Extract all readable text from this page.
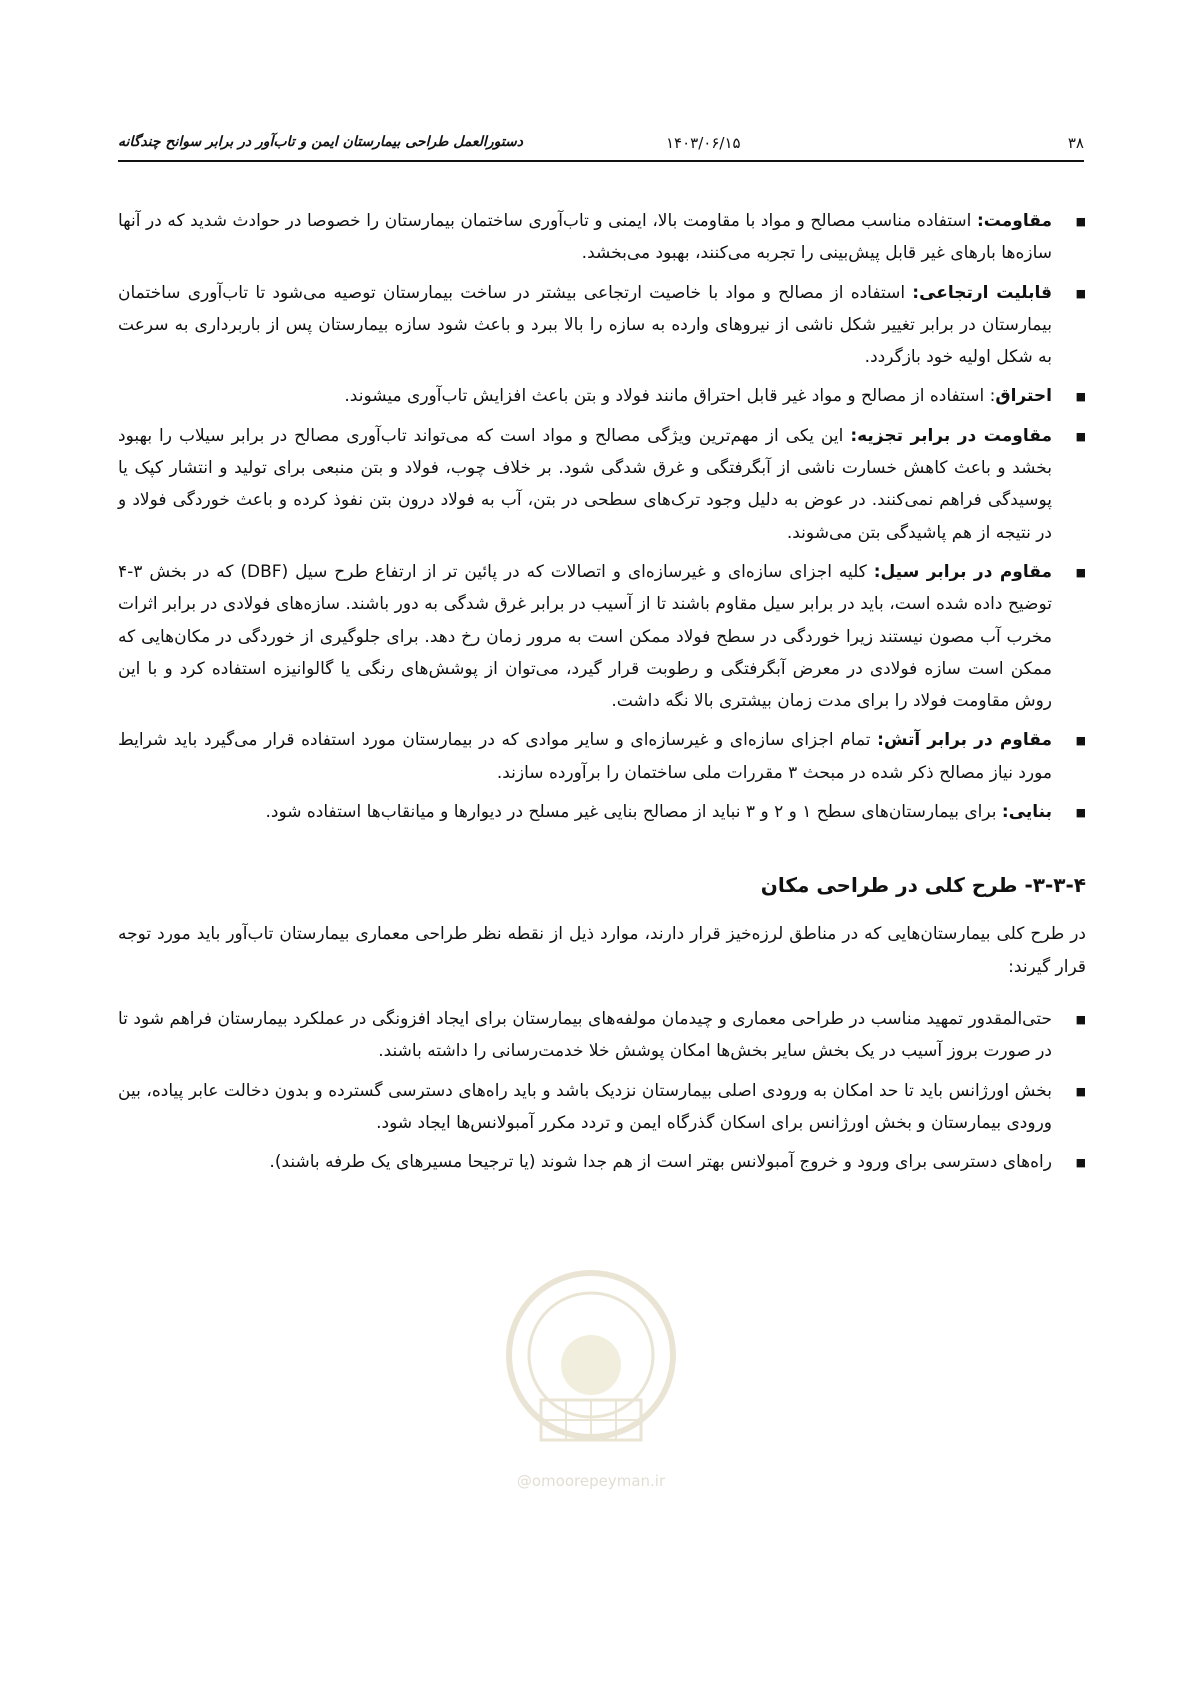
۳۸
۱۴۰۳/۰۶/۱۵
دستورالعمل طراحی بیمارستان ایمن و تاب‌آور در برابر سوانح چندگانه
■
مقاومت: استفاده مناسب مصالح و مواد با مقاومت بالا، ایمنی و تاب‌آوری ساختمان بیمارستان را خصوصا در حوادث شدید که در آنها سازه‌ها بارهای غیر قابل پیش‌بینی را تجربه می‌کنند، بهبود می‌بخشد.
■
قابلیت ارتجاعی: استفاده از مصالح و مواد با خاصیت ارتجاعی بیشتر در ساخت بیمارستان توصیه می‌شود تا تاب‌آوری ساختمان بیمارستان در برابر تغییر شکل ناشی از نیروهای وارده به سازه را بالا ببرد و باعث شود سازه بیمارستان پس از باربرداری به سرعت به شکل اولیه خود بازگردد.
■
احتراق: استفاده از مصالح و مواد غیر قابل احتراق مانند فولاد و بتن باعث افزایش تاب‌آوری میشوند.
■
مقاومت در برابر تجزیه: این یکی از مهم‌ترین ویژگی مصالح و مواد است که می‌تواند تاب‌آوری مصالح در برابر سیلاب را بهبود بخشد و باعث کاهش خسارت ناشی از آبگرفتگی و غرق شدگی شود. بر خلاف چوب، فولاد و بتن منبعی برای تولید و انتشار کپک یا پوسیدگی فراهم نمی‌کنند. در عوض به دلیل وجود ترک‌های سطحی در بتن، آب به فولاد درون بتن نفوذ کرده و باعث خوردگی فولاد و در نتیجه از هم پاشیدگی بتن می‌شوند.
■
مقاوم در برابر سیل: کلیه اجزای سازه‌ای و غیرسازه‌ای و اتصالات که در پائین تر از ارتفاع طرح سیل (DBF) که در بخش ۳-۴ توضیح داده شده است، باید در برابر سیل مقاوم باشند تا از آسیب در برابر غرق شدگی به دور باشند. سازه‌های فولادی در برابر اثرات مخرب آب مصون نیستند زیرا خوردگی در سطح فولاد ممکن است به مرور زمان رخ دهد. برای جلوگیری از خوردگی در مکان‌هایی که ممکن است سازه فولادی در معرض آبگرفتگی و رطوبت قرار گیرد، می‌توان از پوشش‌های رنگی یا گالوانیزه استفاده کرد و با این روش مقاومت فولاد را برای مدت زمان بیشتری بالا نگه داشت.
■
مقاوم در برابر آتش: تمام اجزای سازه‌ای و غیرسازه‌ای و سایر موادی که در بیمارستان مورد استفاده قرار می‌گیرد باید شرایط مورد نیاز مصالح ذکر شده در مبحث ۳ مقررات ملی ساختمان را برآورده سازند.
■
بنایی: برای بیمارستان‌های سطح ۱ و ۲ و ۳ نباید از مصالح بنایی غیر مسلح در دیوارها و میانقاب‌ها استفاده شود.
۳-۳-۴- طرح کلی در طراحی مکان

در طرح کلی بیمارستان‌هایی که در مناطق لرزه‌خیز قرار دارند، موارد ذیل از نقطه نظر طراحی معماری بیمارستان تاب‌آور باید مورد توجه قرار گیرند:

■
حتی‌المقدور تمهید مناسب در طراحی معماری و چیدمان مولفه‌های بیمارستان برای ایجاد افزونگی در عملکرد بیمارستان فراهم شود تا در صورت بروز آسیب در یک بخش سایر بخش‌ها امکان پوشش خلا خدمت‌رسانی را داشته باشند.
■
بخش اورژانس باید تا حد امکان به ورودی اصلی بیمارستان نزدیک باشد و باید راه‌های دسترسی گسترده و بدون دخالت عابر پیاده، بین ورودی بیمارستان و بخش اورژانس برای اسکان گذرگاه ایمن و تردد مکرر آمبولانس‌ها ایجاد شود.
■
راه‌های دسترسی برای ورود و خروج آمبولانس بهتر است از هم جدا شوند (یا ترجیحا مسیرهای یک طرفه باشند).
@omoorepeyman.ir
